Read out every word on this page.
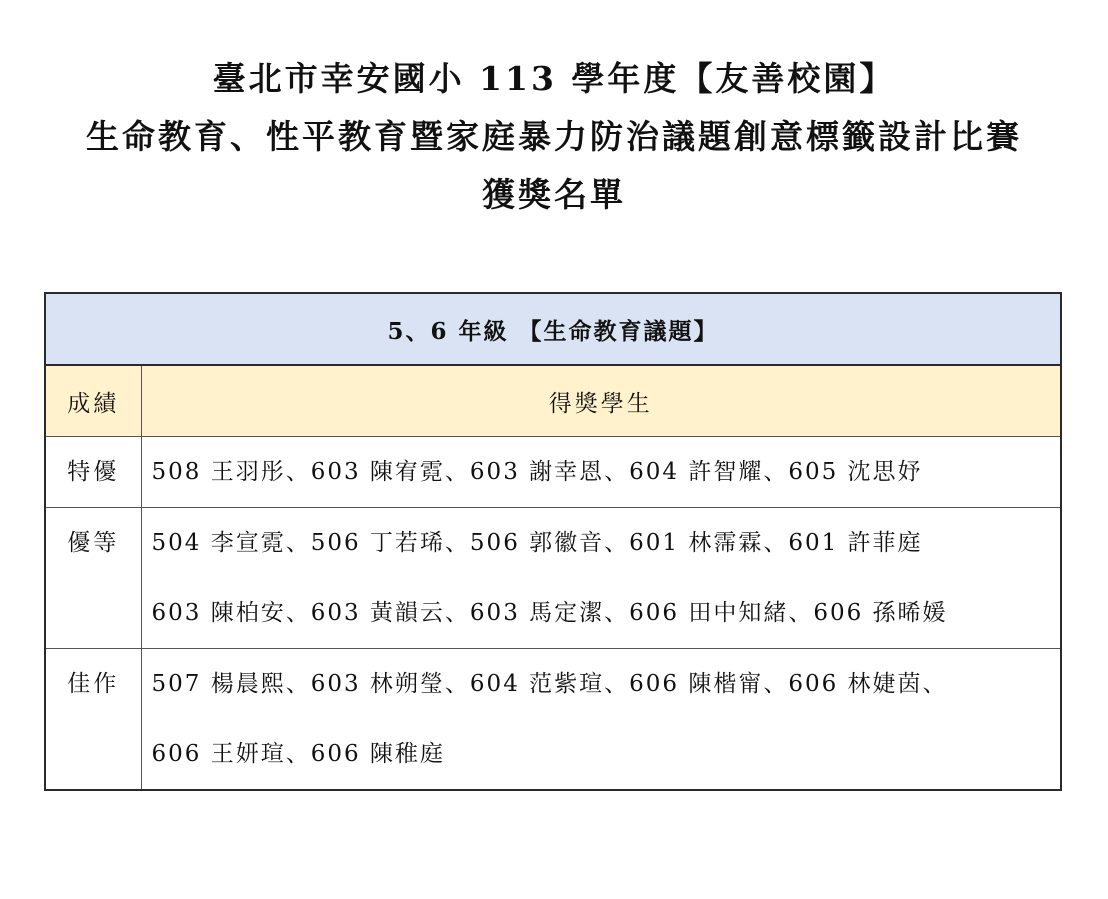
臺北市幸安國小 113 學年度【友善校園】
生命教育、性平教育暨家庭暴力防治議題創意標籤設計比賽
獲獎名單
5、6 年級 【生命教育議題】	
成績	得獎學生
特優	508 王羽彤、603 陳宥霓、603 謝幸恩、604 許智耀、605 沈思妤

優等	504 李宣霓、506 丁若琋、506 郭徽音、601 林霈霖、601 許菲庭
603 陳柏安、603 黃韻云、603 馬定潔、606 田中知緒、606 孫晞媛

佳作	507 楊晨熙、603 林朔瑩、604 范紫瑄、606 陳楷甯、606 林婕茵、
606 王妍瑄、606 陳稚庭
